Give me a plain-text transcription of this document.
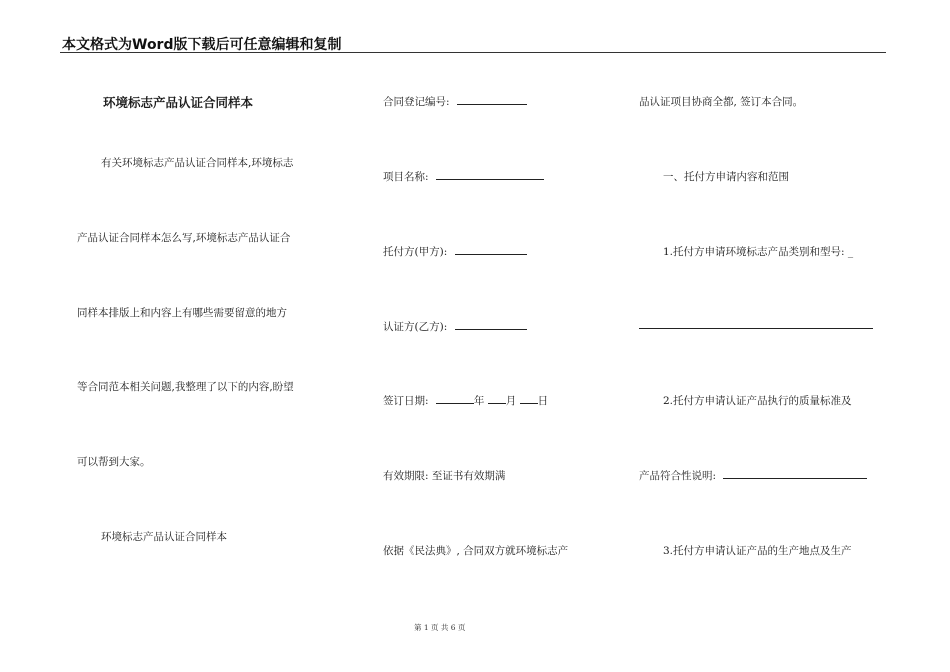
本文格式为Word版下载后可任意编辑和复制
环境标志产品认证合同样本
有关环境标志产品认证合同样本,环境标志
产品认证合同样本怎么写,环境标志产品认证合
同样本排版上和内容上有哪些需要留意的地方
等合同范本相关问题,我整理了以下的内容,盼望
可以帮到大家。
环境标志产品认证合同样本
合同登记编号:
项目名称:
托付方(甲方):
认证方(乙方):
签订日期:	年 月 日
有效期限: 至证书有效期满
依据《民法典》, 合同双方就环境标志产
品认证项目协商全都, 签订本合同。
一、托付方申请内容和范围
1.托付方申请环境标志产品类别和型号: _
2.托付方申请认证产品执行的质量标准及
产品符合性说明:
3.托付方申请认证产品的生产地点及生产
第 1 页 共 6 页
